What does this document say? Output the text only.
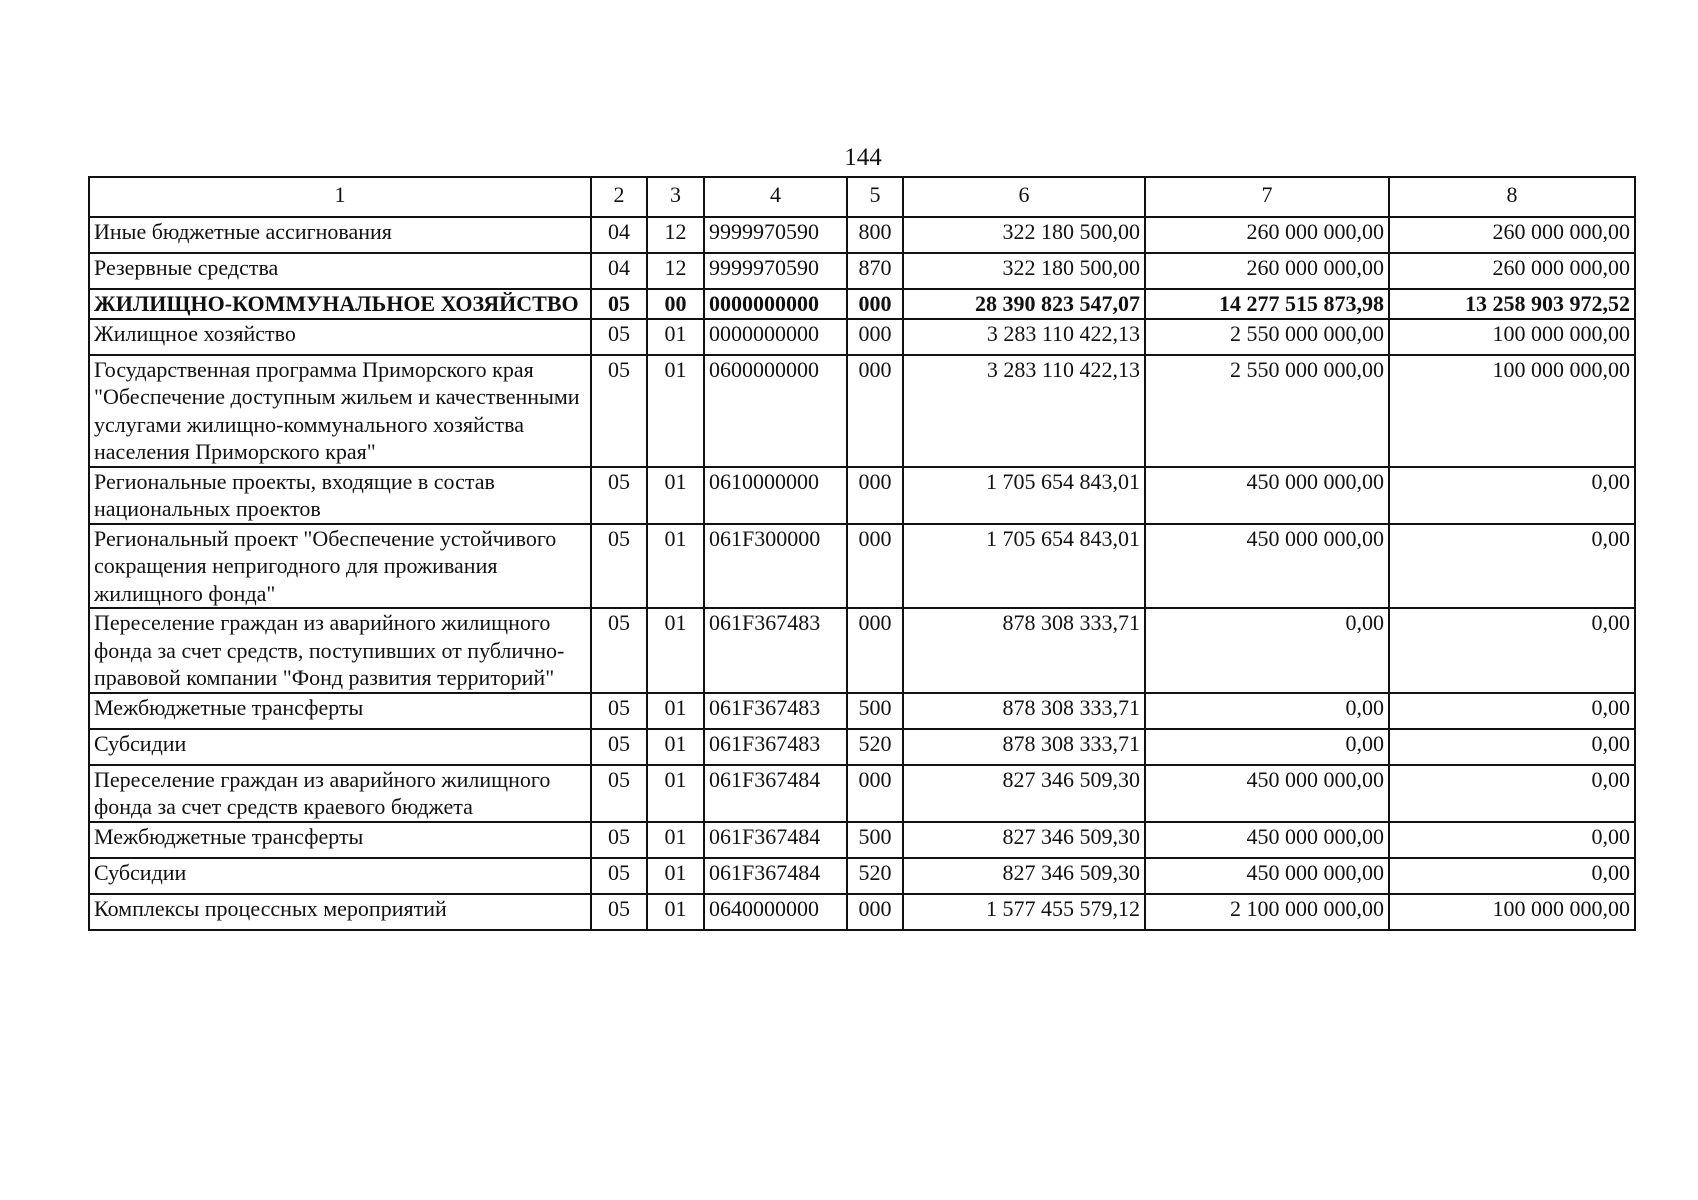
144
1	2	3	4	5	6	7	8
Иные бюджетные ассигнования	04	12	9999970590	800	322 180 500,00	260 000 000,00	260 000 000,00
Резервные средства	04	12	9999970590	870	322 180 500,00	260 000 000,00	260 000 000,00
ЖИЛИЩНО-КОММУНАЛЬНОЕ ХОЗЯЙСТВО	05	00	0000000000	000	28 390 823 547,07	14 277 515 873,98	13 258 903 972,52
Жилищное хозяйство	05	01	0000000000	000	3 283 110 422,13	2 550 000 000,00	100 000 000,00
Государственная программа Приморского края "Обеспечение доступным жильем и качественными услугами жилищно-коммунального хозяйства населения Приморского края"	05	01	0600000000	000	3 283 110 422,13	2 550 000 000,00	100 000 000,00
Региональные проекты, входящие в состав национальных проектов	05	01	0610000000	000	1 705 654 843,01	450 000 000,00	0,00
Региональный проект "Обеспечение устойчивого сокращения непригодного для проживания жилищного фонда"	05	01	061F300000	000	1 705 654 843,01	450 000 000,00	0,00
Переселение граждан из аварийного жилищного фонда за счет средств, поступивших от публично-правовой компании "Фонд развития территорий"	05	01	061F367483	000	878 308 333,71	0,00	0,00
Межбюджетные трансферты	05	01	061F367483	500	878 308 333,71	0,00	0,00
Субсидии	05	01	061F367483	520	878 308 333,71	0,00	0,00
Переселение граждан из аварийного жилищного фонда за счет средств краевого бюджета	05	01	061F367484	000	827 346 509,30	450 000 000,00	0,00
Межбюджетные трансферты	05	01	061F367484	500	827 346 509,30	450 000 000,00	0,00
Субсидии	05	01	061F367484	520	827 346 509,30	450 000 000,00	0,00
Комплексы процессных мероприятий	05	01	0640000000	000	1 577 455 579,12	2 100 000 000,00	100 000 000,00
